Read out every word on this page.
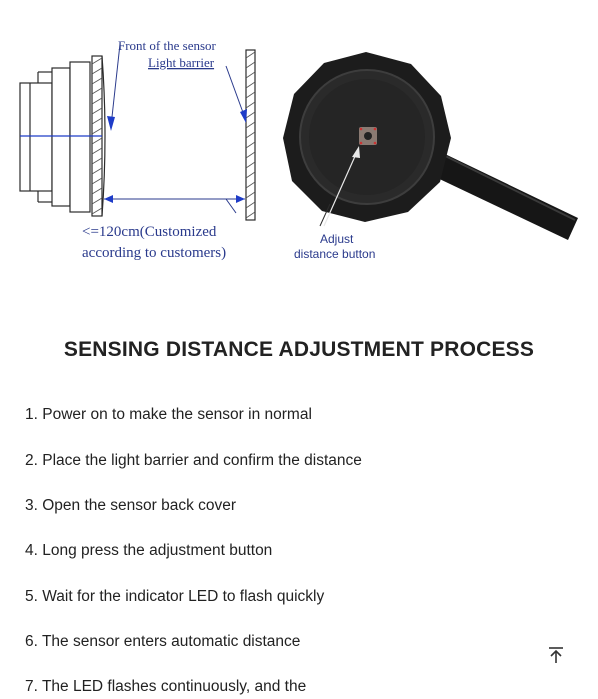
Front of the sensor
Light barrier
<=120cm(Customized
according to customers)
Adjust
distance button
SENSING DISTANCE ADJUSTMENT PROCESS
1. Power on to make the sensor in normal
2. Place the light barrier and confirm the distance
3. Open the sensor back cover
4. Long press the adjustment button
5. Wait for the indicator LED to flash quickly
6. The sensor enters automatic distance
7. The LED flashes continuously, and the
